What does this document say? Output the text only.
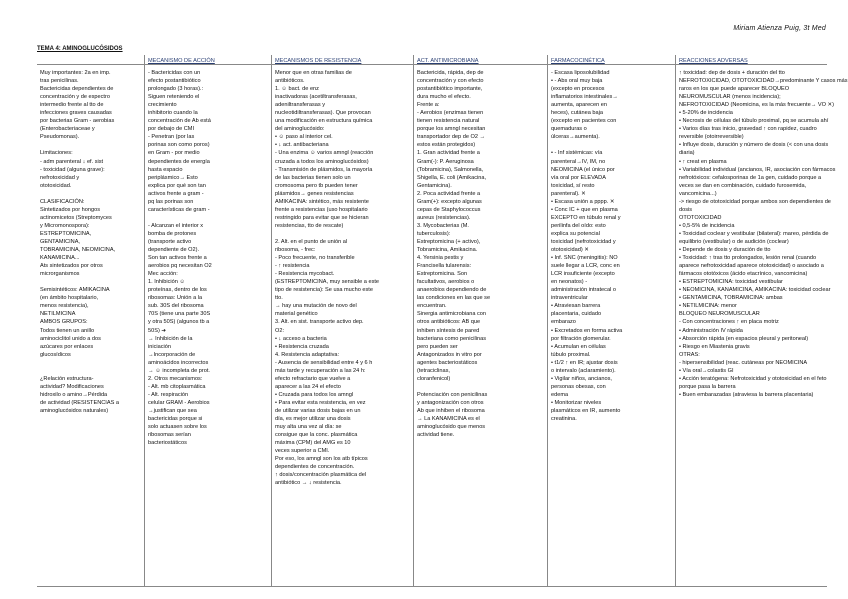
Miriam Atienza Puig, 3t Med
TEMA 4: AMINOGLUCÓSIDOS

Muy importantes: 2a en imp.

tras penicilinas.

Bactericidas dependientes de

concentración y de espectro

intermedio frente al tto de

infecciones graves causadas

por bacterias Gram - aerobias

(Enterobacteriaceae y

Pseudomonas).

Limitaciones:

- adm parenteral ↓ ef. sist

- toxicidad (alguna grave):

nefrotoxicidad y

ototoxicidad.

CLASIFICACIÓN:

Sintetizados por hongos

actinomicetos (Streptomyces

y Micromonospora):

ESTREPTOMICINA,

GENTAMICINA,

TOBRAMICINA, NEOMICINA,

KANAMICINA...

Ats sintetizados por otros

microrganismos

Semisintéticos: AMIKACINA

(en ámbito hospitalario,

menos resistencia),

NETILMICINA

AMBOS GRUPOS:

Todos tienen un anillo

aminociclitol unido a dos

azúcares por enlaces

glucosídicos

¿Relación estructura-

actividad? Modificaciones

hidroxilo o amino→Pérdida

de actividad (RESISTENCIAS a

aminoglucósidos naturales)

MECANISMO DE ACCIÓN

- Bactericidas con un

efecto postantibiótico

prolongado (3 horas).:

Siguen reteniendo el

crecimiento

inhibitorio cuando la

concentración de Ab está

por debajo de CMI

- Penetran (por las

porinas son como poros)

en Gram - por medio

dependientes de energía

hasta espacio

periplásmico→ Esto

explica por qué son tan

activos frente a gram -

pq las porinas son

características de gram -

- Alcanzan el interior x

bomba de protones

(transporte activo

dependiente de O2).

Son tan activos frente a

aerobios pq necesitan O2

Mec acción:

1. Inhibición ☺

proteínas, dentro de los

ribosomas: Unión a la

sub. 30S del ribosoma

70S (tiene una parte 30S

y otra 50S) (algunos tb a

50S) ➔

→ Inhibición de la

iniciación

→Incorporación de

aminoácidos incorrectos

→ ☺ incompleta de prot.

2. Otros mecanismos:

- Alt. mb citoplasmática

- Alt. respiración

celular GRAM - Aerobios

→justifican que sea

bactericidas porque si

solo actuasen sobre los

ribosomas serían

bacteriostáticos

MECANISMOS DE RESISTENCIA

Menor que en otras familias de

antibióticos.

1. ☺ bact. de enz

inactivadoras (acetiltransferasas,

adeniltransferasas y

nucleotidiltransferasas). Que provocan

una modificación en estructura química

del aminoglucósido:

• ☺ paso al interior cel.

• ↓ act. antibacteriana

- Una enzima ☺ varios amngl (reacción

cruzada a todos los aminoglucósidos)

- Transmisión de plásmidos, la mayoría

de las bacterias tienen solo un

cromosoma pero tb pueden tener

plásmidos→ genes resistencias

AMIKACINA: sintético, más resistente

frente a resistencias (uso hospitalario

restringido para evitar que se hicieran

resistencias, tto de rescate)

2. Alt. en el punto de unión al

ribosoma, - frec:

- Poco frecuente, no transferible

- ↑ resistencia

- Resistencia mycobact.

(ESTREPTOMICINA, muy sensible a este

tipo de resistencia): Se usa mucho este

tto.

→ hay una mutación de novo del

material genético

3. Alt. en sist. transporte activo dep.

O2:

• ↓ acceso a bacteria

• Resistencia cruzada

4. Resistencia adaptativa:

- Ausencia de sensibilidad entre 4 y 6 h

más tarde y recuperación a las 24 h:

efecto refractario que vuelve a

aparecer a las 24 el efecto

• Cruzada para todos los amngl

• Para evitar esta resistencia, en vez

de utilizar varias dosis bajas en un

día, es mejor utilizar una dosis

muy alta una vez al día: se

consigue que la conc. plasmática

máxima (CPM) del AMG es 10

veces superior a CMI.

Por eso, los amngl son los atb típicos

dependientes de concentración.

↑ dosis/concentración plasmática del

antibiótico → ↓ resistencia.

ACT. ANTIMICROBIANA

Bactericida, rápida, dep de

concentración y con efecto

postantibiótico importante,

dura mucho el efecto.

Frente a:

- Aerobios (enzimas tienen

tienen resistencia natural

porque los amngl necesitan

transportador dep de O2 →

estos están protegidos)

1. Gran actividad frente a

Gram(-): P. Aeruginosa

(Tobramicina), Salmonella,

Shigella, E. coli (Amikacina,

Gentamicina).

2. Poca actividad frente a

Gram(+): excepto algunas

cepas de Staphylococcus

aureus (resistencias).

3. Mycobacterias (M.

tuberculosis):

Estreptomicina (+ activo),

Tobramicina, Amikacina.

4. Yersinia pestis y

Francisella tularensis:

Estreptomicina. Son

facultativos, aerobios o

anaerobios dependiendo de

las condiciones en las que se

encuentran.

Sinergia antimicrobiana con

otros antibióticos: AB que

inhiben síntesis de pared

bacteriana como penicilinas

pero pueden ser

Antagonizados in vitro por

agentes bacteriostáticos

(tetraciclinas,

cloranfenicol)

Potenciación con penicilinas

y antagonización con otros

Ab que inhiben el ribosoma

→ La KANAMICINA es el

aminoglucósido que menos

actividad tiene.

FARMACOCINÉTICA

- Escasa liposolubilidad

• - Abs oral muy baja

(excepto en procesos

inflamatorios intestinales→

aumenta, aparecen en

heces), cutánea baja

(excepto en pacientes con

quemaduras o

úlceras→aumenta).

• - Inf sistémicas: vía

parenteral→IV, IM, no

NEOMICINA (el único por

vía oral por ELEVADA

toxicidad, sí resto

parenteral). ✕

• Escasa unión a pppp. ✕

• Conc IC + que en plasma

EXCEPTO en túbulo renal y

perilinfa del oído: esto

explica su potencial

toxicidad (nefrotoxicidad y

ototoxicidad) ✕

• Inf. SNC (meningitis): NO

suele llegar a LCR, conc en

LCR insuficiente (excepto

en neonatos) -

administración intratecal o

intraventricular

• Atraviesan barrera

placentaria, cuidado

embarazo

• Excretados en forma activa

por filtración glomerular.

• Acumulan en células

túbulo proximal.

• t1/2 ↑ en IR; ajustar dosis

o intervalo (aclaramiento).

• Vigilar niños, ancianos,

personas obesas, con

edema

• Monitorizar niveles

plasmáticos en IR, aumento

creatinina.

REACCIONES ADVERSAS

↑ toxicidad: dep de dosis + duración del tto

NEFROTOXICIDAD, OTOTOXICIDAD→predominante Y casos más

raros en los que puede aparecer BLOQUEO

NEUROMUSCULAR (menos incidencia);

NEFROTOXICIDAD (Neomicina, es la más frecuente→ VO ✕)

• 5-20% de incidencia

• Necrosis de células del túbulo proximal, pq se acumula ahí

• Varios días tras inicio, gravedad ↑ con rapidez, cuadro

reversible (otoirreversible)

• Influye dosis, duración y número de dosis (< con una dosis

diaria)

• ↑ creat en plasma

• Variabilidad individual (ancianos, IR, asociación con fármacos

nefrotóxicos: cefalosporinas de 1a gen, cuidado porque a

veces se dan en combinación, cuidado furosemida,

vancomicina...)

-> riesgo de ototoxicidad porque ambos son dependientes de

dosis

OTOTOXICIDAD

• 0,5-5% de incidencia

• Toxicidad coclear y vestibular (bilateral): mareo, pérdida de

equilibrio (vestibular) o de audición (coclear)

• Depende de dosis y duración de tto

• Toxicidad: ↑ tras tto prolongados, lesión renal (cuando

aparece nefrotoxicidad aparece ototoxicidad) o asociado a

fármacos ototóxicos (ácido etacrínico, vancomicina)

• ESTREPTOMICINA: toxicidad vestibular

• NEOMICINA, KANAMICINA, AMIKACINA: toxicidad coclear

• GENTAMICINA, TOBRAMICINA: ambas

• NETILMICINA: menor

BLOQUEO NEUROMUSCULAR

- Con concentraciones ↑ en placa motriz

• Administración IV rápida

• Absorción rápida (en espacios pleural y peritoneal)

• Riesgo en Miastenia gravis

OTRAS:

- hipersensibilidad (reac. cutáneas por NEOMICINA

• Vía oral→colastis GI

• Acción teratógena: Nefrotoxicidad y ototoxicidad en el feto

porque pasa la barrera

• Buen embarazadas (atraviesa la barrera placentaria)
